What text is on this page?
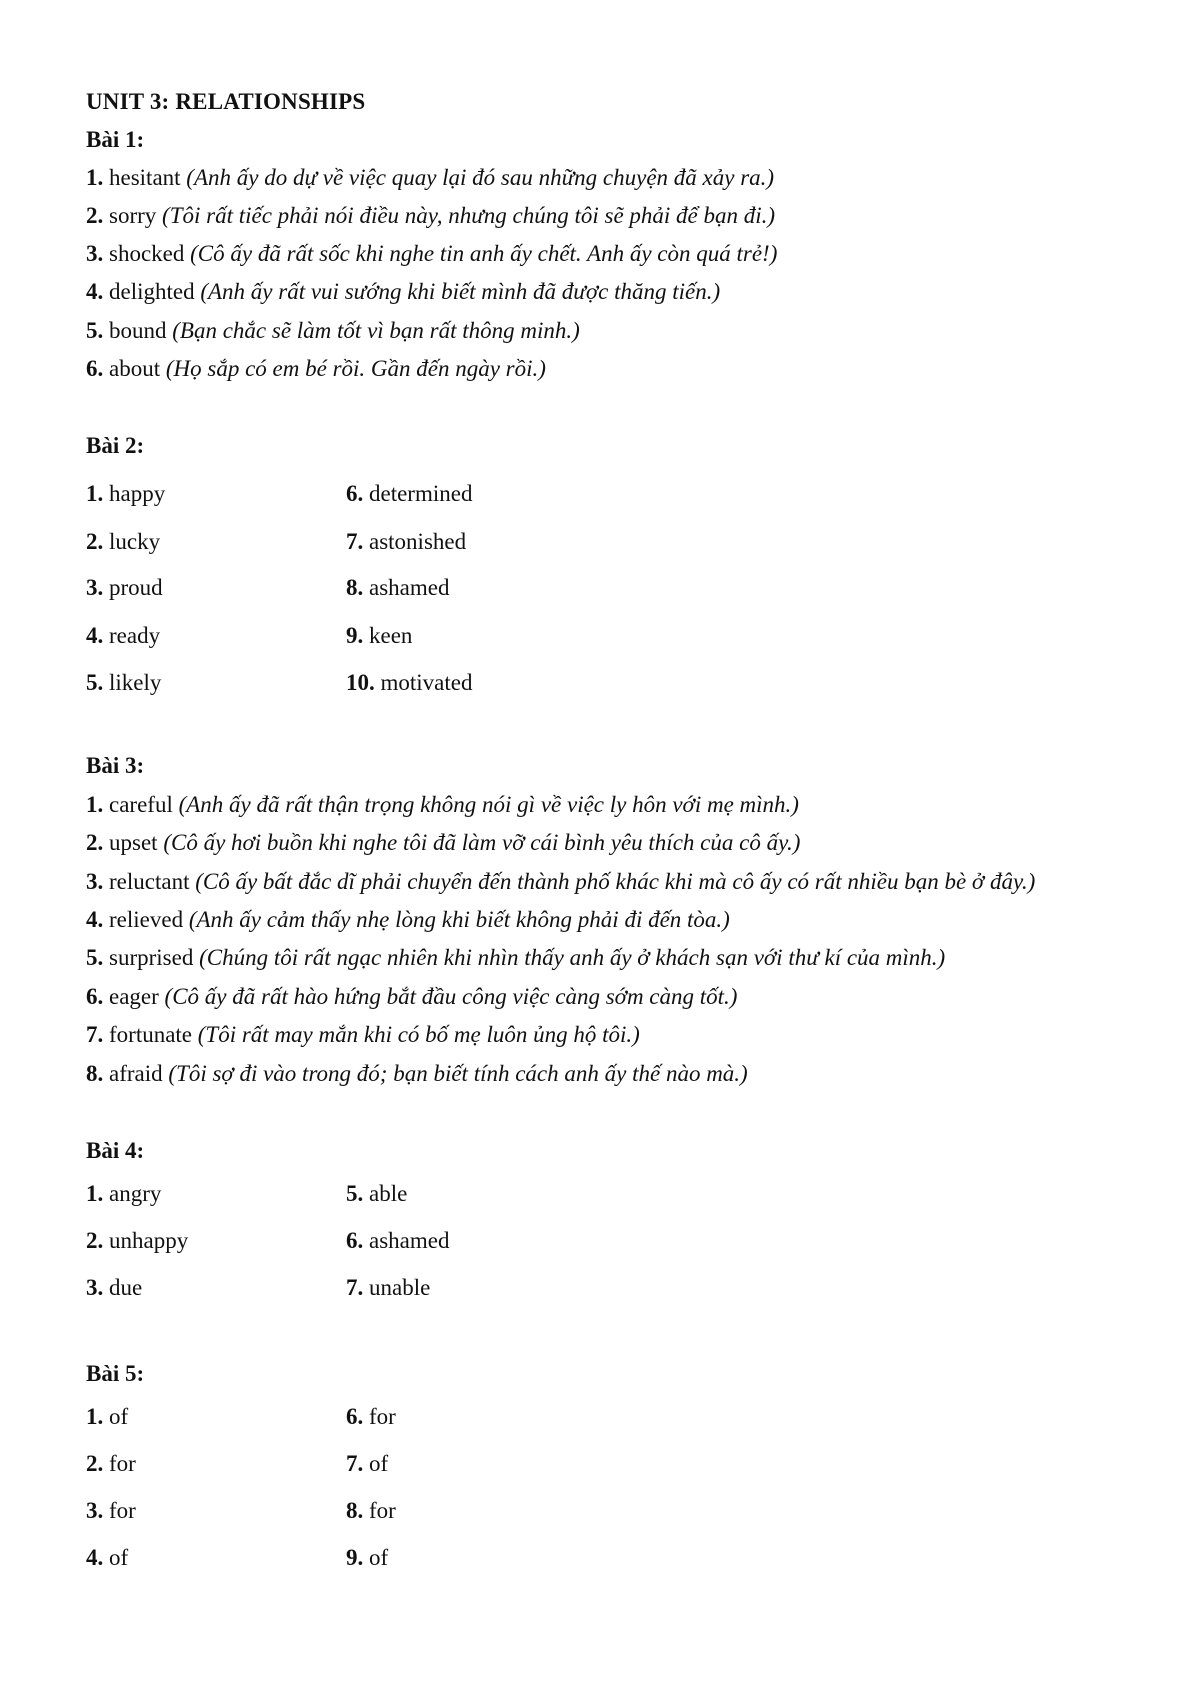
UNIT 3: RELATIONSHIPS
Bài 1:
1. hesitant (Anh ấy do dự về việc quay lại đó sau những chuyện đã xảy ra.)
2. sorry (Tôi rất tiếc phải nói điều này, nhưng chúng tôi sẽ phải để bạn đi.)
3. shocked (Cô ấy đã rất sốc khi nghe tin anh ấy chết. Anh ấy còn quá trẻ!)
4. delighted (Anh ấy rất vui sướng khi biết mình đã được thăng tiến.)
5. bound (Bạn chắc sẽ làm tốt vì bạn rất thông minh.)
6. about (Họ sắp có em bé rồi. Gần đến ngày rồi.)
Bài 2:
1. happy
2. lucky
3. proud
4. ready
5. likely
6. determined
7. astonished
8. ashamed
9. keen
10. motivated
Bài 3:
1. careful (Anh ấy đã rất thận trọng không nói gì về việc ly hôn với mẹ mình.)
2. upset (Cô ấy hơi buồn khi nghe tôi đã làm vỡ cái bình yêu thích của cô ấy.)
3. reluctant (Cô ấy bất đắc dĩ phải chuyển đến thành phố khác khi mà cô ấy có rất nhiều bạn bè ở đây.)
4. relieved (Anh ấy cảm thấy nhẹ lòng khi biết không phải đi đến tòa.)
5. surprised (Chúng tôi rất ngạc nhiên khi nhìn thấy anh ấy ở khách sạn với thư kí của mình.)
6. eager (Cô ấy đã rất hào hứng bắt đầu công việc càng sớm càng tốt.)
7. fortunate (Tôi rất may mắn khi có bố mẹ luôn ủng hộ tôi.)
8. afraid (Tôi sợ đi vào trong đó; bạn biết tính cách anh ấy thế nào mà.)
Bài 4:
1. angry
2. unhappy
3. due
5. able
6. ashamed
7. unable
Bài 5:
1. of
2. for
3. for
4. of
6. for
7. of
8. for
9. of
